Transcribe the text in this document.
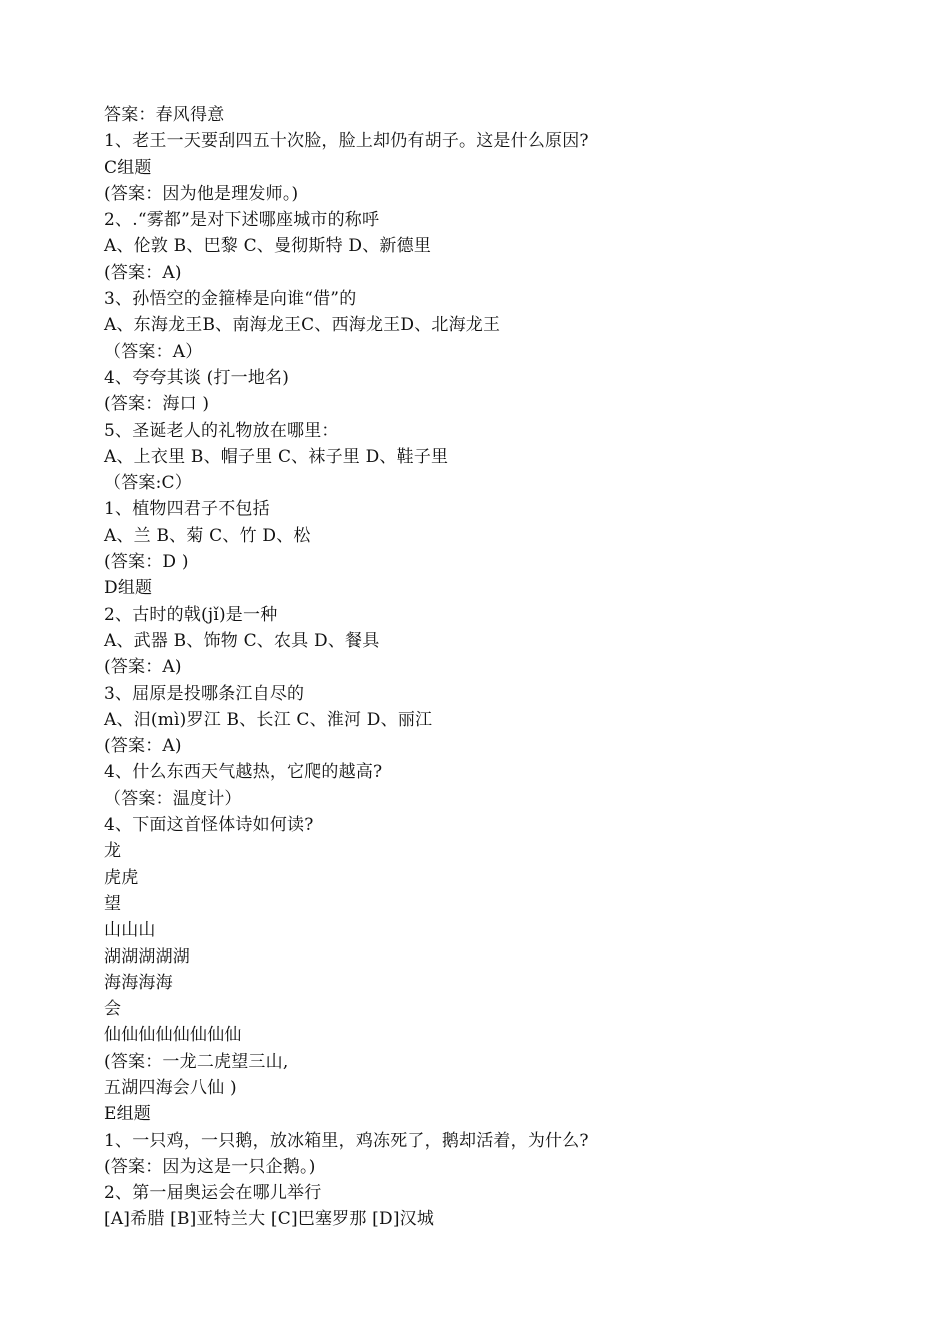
答案：春风得意
1、老王一天要刮四五十次脸，脸上却仍有胡子。这是什么原因?
C组题
(答案：因为他是理发师。)
2、.“雾都”是对下述哪座城市的称呼
A、伦敦 B、巴黎 C、曼彻斯特 D、新德里
(答案：A)
3、孙悟空的金箍棒是向谁“借”的
A、东海龙王B、南海龙王C、西海龙王D、北海龙王
（答案：A）
4、夸夸其谈 (打一地名)
(答案：海口 )
5、圣诞老人的礼物放在哪里：
A、上衣里 B、帽子里 C、袜子里 D、鞋子里
（答案:C）
1、植物四君子不包括
A、兰 B、菊 C、竹 D、松
(答案：D )
D组题
2、古时的戟(jǐ)是一种
A、武器 B、饰物 C、农具 D、餐具
(答案：A)
3、屈原是投哪条江自尽的
A、汨(mì)罗江 B、长江 C、淮河 D、丽江
(答案：A)
4、什么东西天气越热，它爬的越高?
（答案：温度计）
4、下面这首怪体诗如何读?
龙
虎虎
望
山山山
湖湖湖湖湖
海海海海
会
仙仙仙仙仙仙仙仙
(答案：一龙二虎望三山,
五湖四海会八仙 )
E组题
1、一只鸡，一只鹅，放冰箱里，鸡冻死了，鹅却活着，为什么?
(答案：因为这是一只企鹅。)
2、第一届奥运会在哪儿举行
[A]希腊 [B]亚特兰大 [C]巴塞罗那 [D]汉城
